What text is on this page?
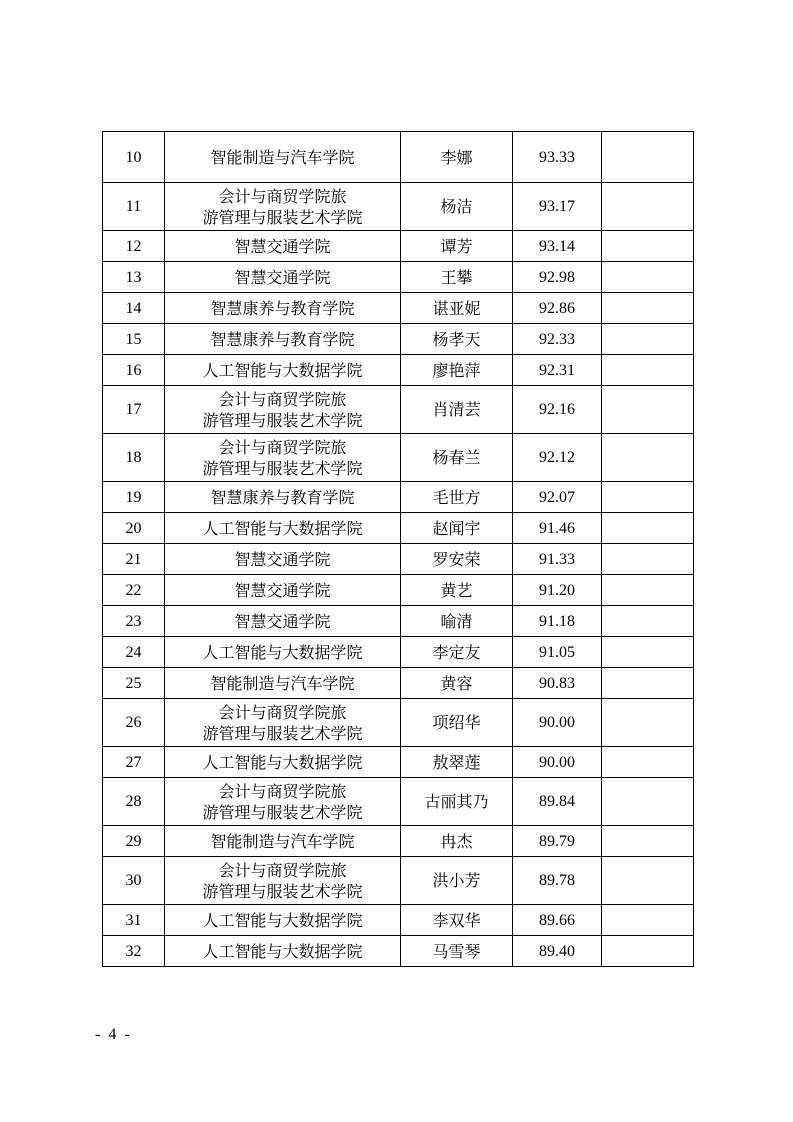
10	智能制造与汽车学院	李娜	93.33	
11	会计与商贸学院旅
游管理与服装艺术学院	杨洁	93.17	
12	智慧交通学院	谭芳	93.14	
13	智慧交通学院	王攀	92.98	
14	智慧康养与教育学院	谌亚妮	92.86	
15	智慧康养与教育学院	杨孝天	92.33	
16	人工智能与大数据学院	廖艳萍	92.31	
17	会计与商贸学院旅
游管理与服装艺术学院	肖清芸	92.16	
18	会计与商贸学院旅
游管理与服装艺术学院	杨春兰	92.12	
19	智慧康养与教育学院	毛世方	92.07	
20	人工智能与大数据学院	赵闻宇	91.46	
21	智慧交通学院	罗安荣	91.33	
22	智慧交通学院	黄艺	91.20	
23	智慧交通学院	喻清	91.18	
24	人工智能与大数据学院	李定友	91.05	
25	智能制造与汽车学院	黄容	90.83	
26	会计与商贸学院旅
游管理与服装艺术学院	项绍华	90.00	
27	人工智能与大数据学院	敖翠莲	90.00	
28	会计与商贸学院旅
游管理与服装艺术学院	古丽其乃	89.84	
29	智能制造与汽车学院	冉杰	89.79	
30	会计与商贸学院旅
游管理与服装艺术学院	洪小芳	89.78	
31	人工智能与大数据学院	李双华	89.66	
32	人工智能与大数据学院	马雪琴	89.40	
- 4 -
